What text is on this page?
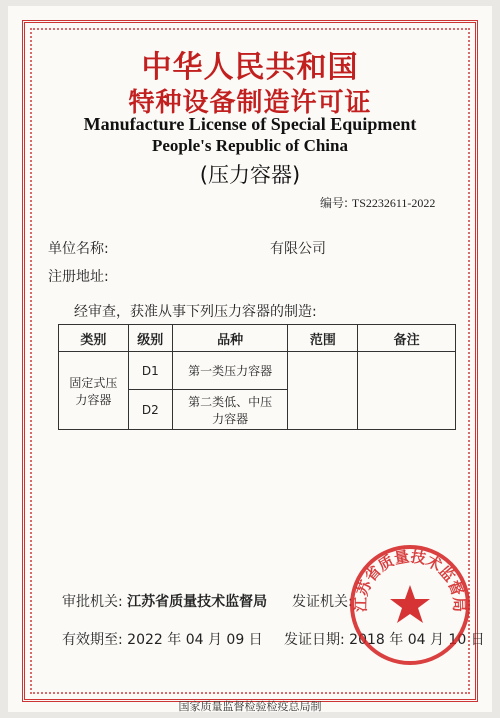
中华人民共和国
特种设备制造许可证
Manufacture License of Special Equipment
People's Republic of China
(压力容器)
编号: TS2232611-2022
单位名称:	有限公司
注册地址:
经审查，获准从事下列压力容器的制造:
类别	级别	品种	范围	备注
固定式压力容器	D1	第一类压力容器		
	D2	第二类低、中压力容器		
审批机关: 江苏省质量技术监督局 发证机关:
有效期至: 2022 年 04 月 09 日 发证日期: 2018 年 04 月 10 日
江苏省质量技术监督局
国家质量监督检验检疫总局制
